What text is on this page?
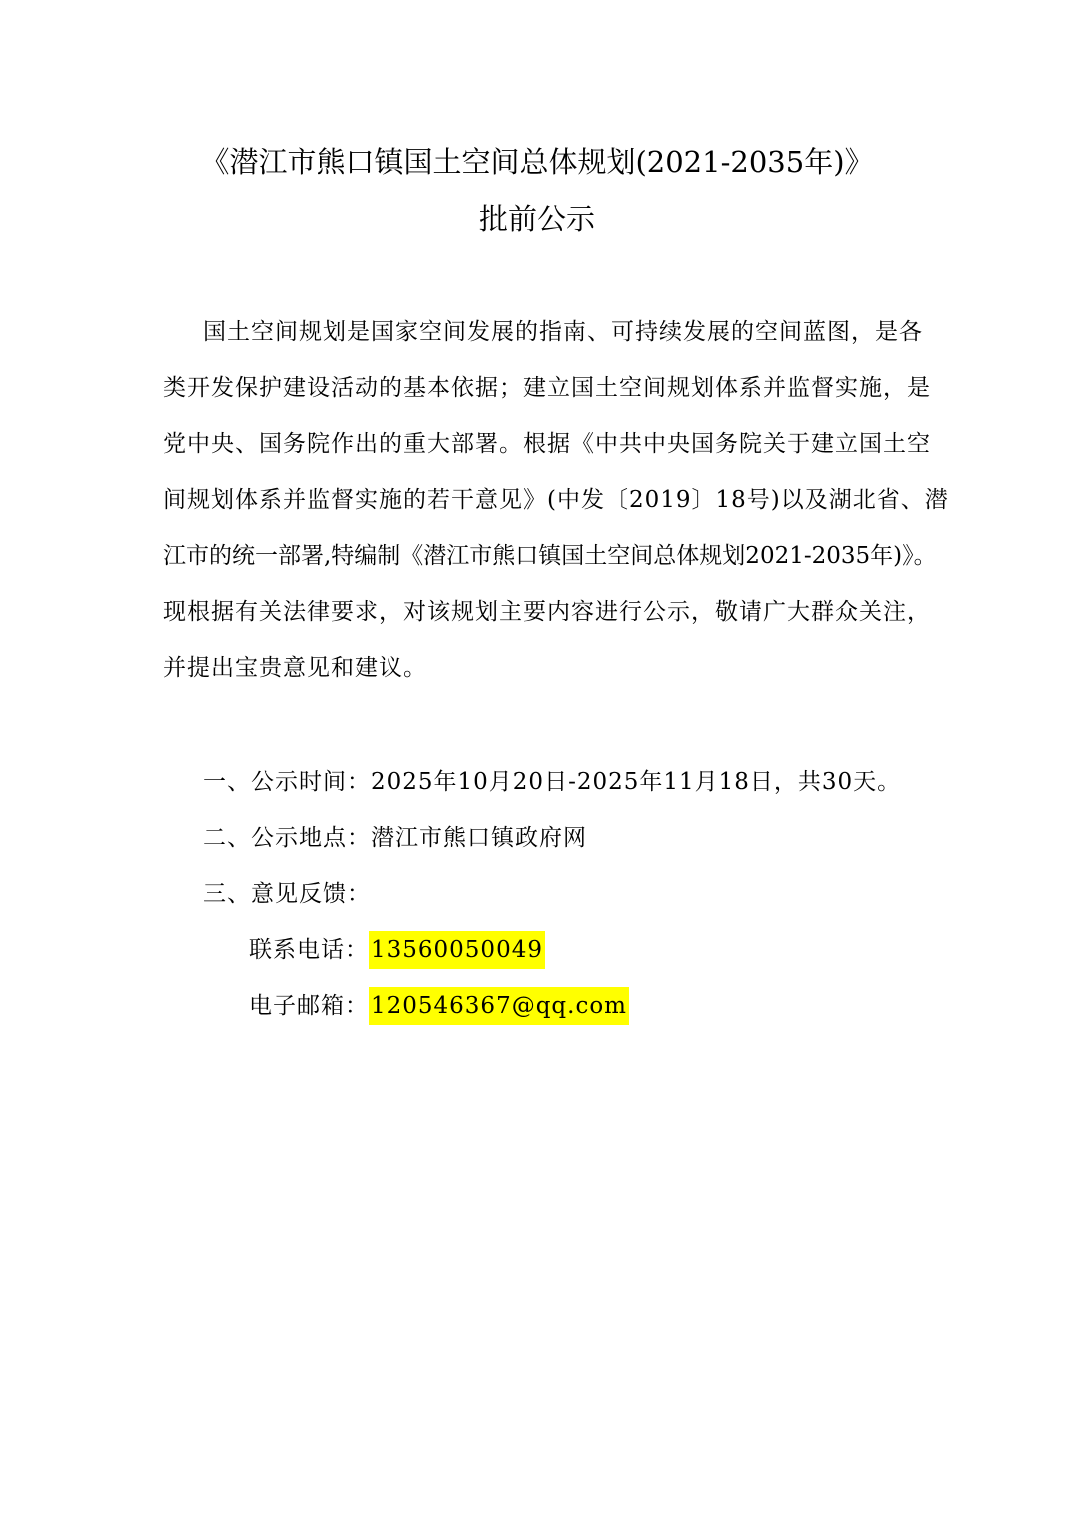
《潜江市熊口镇国土空间总体规划(2021-2035年)》
批前公示
国土空间规划是国家空间发展的指南、可持续发展的空间蓝图，是各
类开发保护建设活动的基本依据；建立国土空间规划体系并监督实施，是
党中央、国务院作出的重大部署。根据《中共中央国务院关于建立国土空
间规划体系并监督实施的若干意见》(中发〔2019〕18号)以及湖北省、潜
江市的统一部署,特编制《潜江市熊口镇国土空间总体规划2021-2035年)》。
现根据有关法律要求，对该规划主要内容进行公示，敬请广大群众关注，
并提出宝贵意见和建议。
一、公示时间：2025年10月20日-2025年11月18日，共30天。
二、公示地点：潜江市熊口镇政府网
三、意见反馈：
联系电话：13560050049
电子邮箱：120546367@qq.com
